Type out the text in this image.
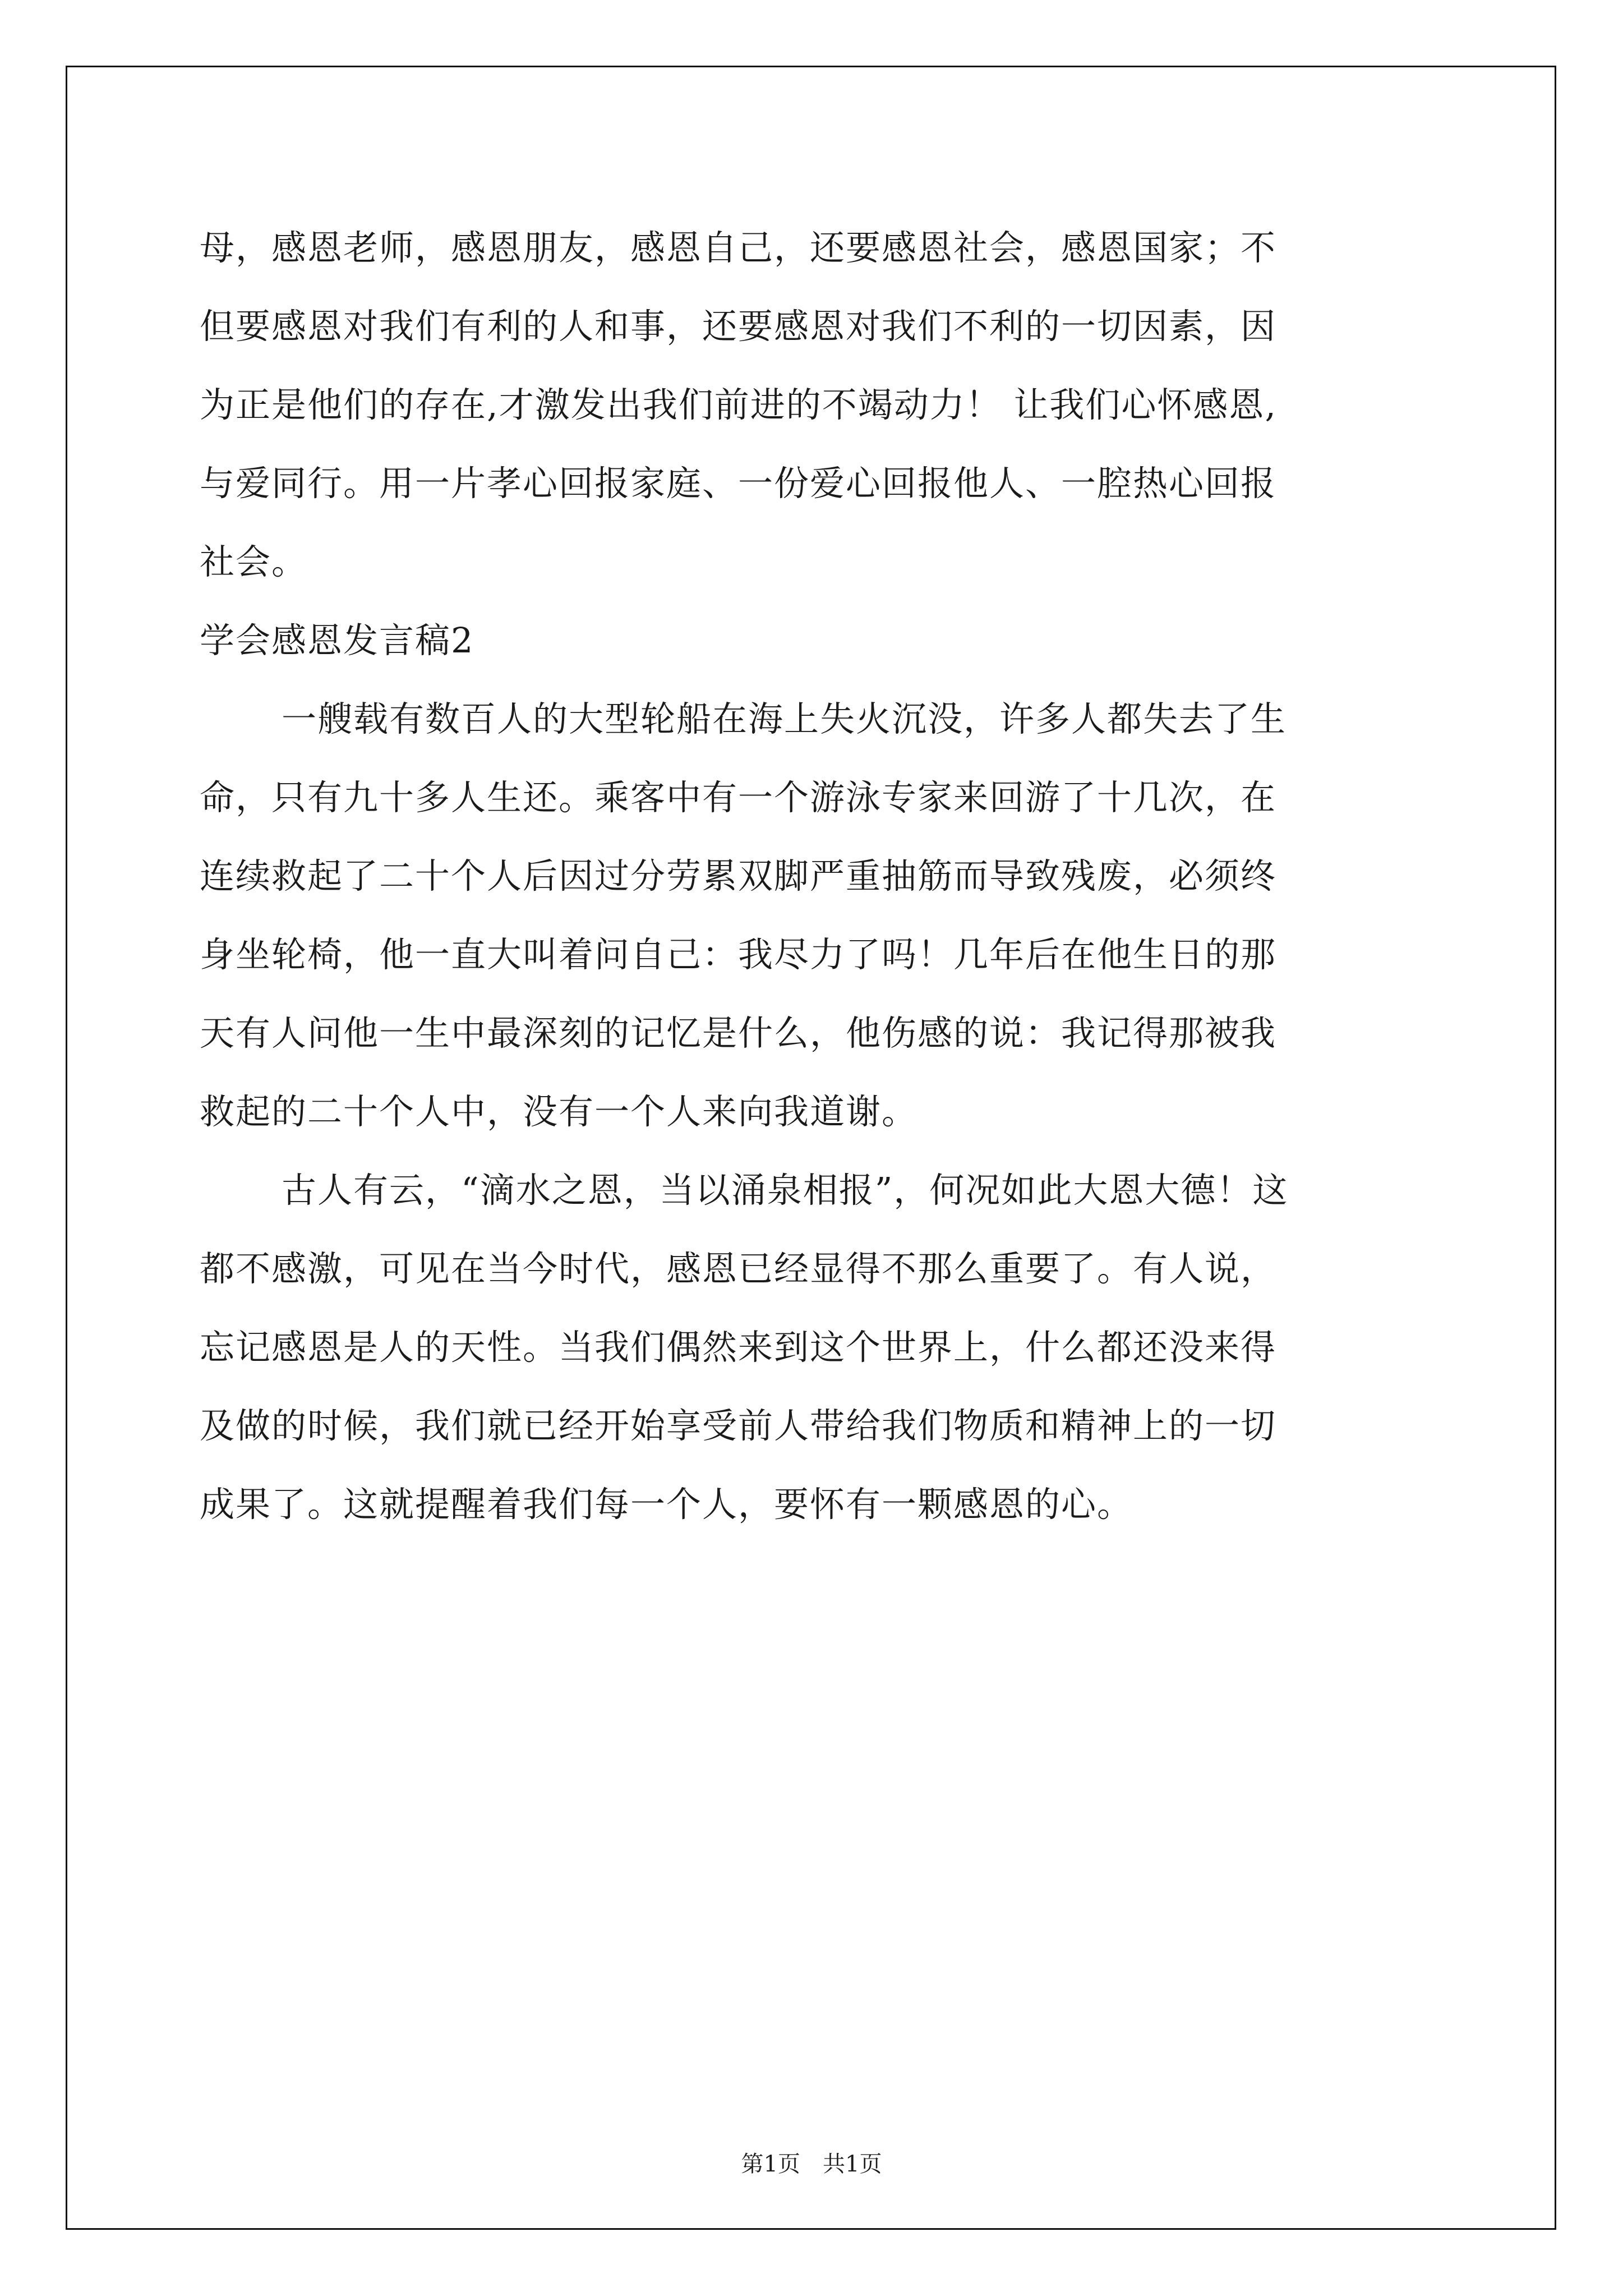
母，感恩老师，感恩朋友，感恩自己，还要感恩社会，感恩国家；不
但要感恩对我们有利的人和事，还要感恩对我们不利的一切因素，因
为正是他们的存在,才激发出我们前进的不竭动力！ 让我们心怀感恩,
与爱同行。用一片孝心回报家庭、一份爱心回报他人、一腔热心回报
社会。
学会感恩发言稿2
一艘载有数百人的大型轮船在海上失火沉没，许多人都失去了生
命，只有九十多人生还。乘客中有一个游泳专家来回游了十几次，在
连续救起了二十个人后因过分劳累双脚严重抽筋而导致残废，必须终
身坐轮椅，他一直大叫着问自己：我尽力了吗！几年后在他生日的那
天有人问他一生中最深刻的记忆是什么，他伤感的说：我记得那被我
救起的二十个人中，没有一个人来向我道谢。
古人有云，“滴水之恩，当以涌泉相报”，何况如此大恩大德！这
都不感激，可见在当今时代，感恩已经显得不那么重要了。有人说，
忘记感恩是人的天性。当我们偶然来到这个世界上，什么都还没来得
及做的时候，我们就已经开始享受前人带给我们物质和精神上的一切
成果了。这就提醒着我们每一个人，要怀有一颗感恩的心。
第1页　共1页
